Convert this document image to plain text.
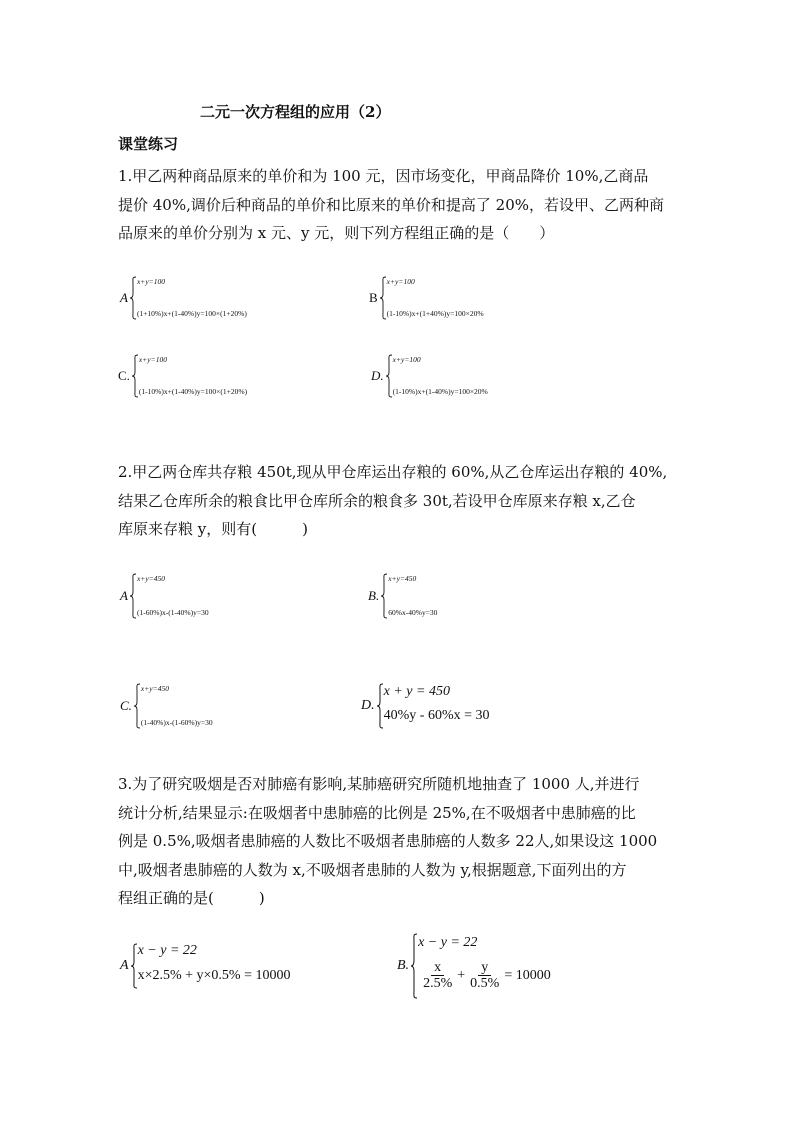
二元一次方程组的应用（2）
课堂练习
1.甲乙两种商品原来的单价和为 100 元，因市场变化，甲商品降价 10%,乙商品
提价 40%,调价后种商品的单价和比原来的单价和提高了 20%，若设甲、乙两种商
品原来的单价分别为 x 元、y 元，则下列方程组正确的是（　　）
A
x+y=100
(1+10%)x+(1-40%)y=100×(1+20%)
B
x+y=100
(1-10%)x+(1+40%)y=100×20%
C.
x+y=100
(1-10%)x+(1-40%)y=100×(1+20%)
D.
x+y=100
(1-10%)x+(1-40%)y=100×20%
2.甲乙两仓库共存粮 450t,现从甲仓库运出存粮的 60%,从乙仓库运出存粮的 40%,
结果乙仓库所余的粮食比甲仓库所余的粮食多 30t,若设甲仓库原来存粮 x,乙仓
库原来存粮 y，则有(　　　)
A
x+y=450
(1-60%)x-(1-40%)y=30
B.
x+y=450
60%x-40%y=30
C.
x+y=450
(1-40%)x-(1-60%)y=30
D.
x + y = 450
40%y - 60%x = 30
3.为了研究吸烟是否对肺癌有影响,某肺癌研究所随机地抽查了 1000 人,并进行
统计分析,结果显示:在吸烟者中患肺癌的比例是 25%,在不吸烟者中患肺癌的比
例是 0.5%,吸烟者患肺癌的人数比不吸烟者患肺癌的人数多 22人,如果设这 1000
中,吸烟者患肺癌的人数为 x,不吸烟者患肺的人数为 y,根据题意,下面列出的方
程组正确的是(　　　)
A
x − y = 22
x×2.5% + y×0.5% = 10000
B.
x − y = 22
$\frac{x}{2.5\%} + \frac{y}{0.5\%} = 10000$
